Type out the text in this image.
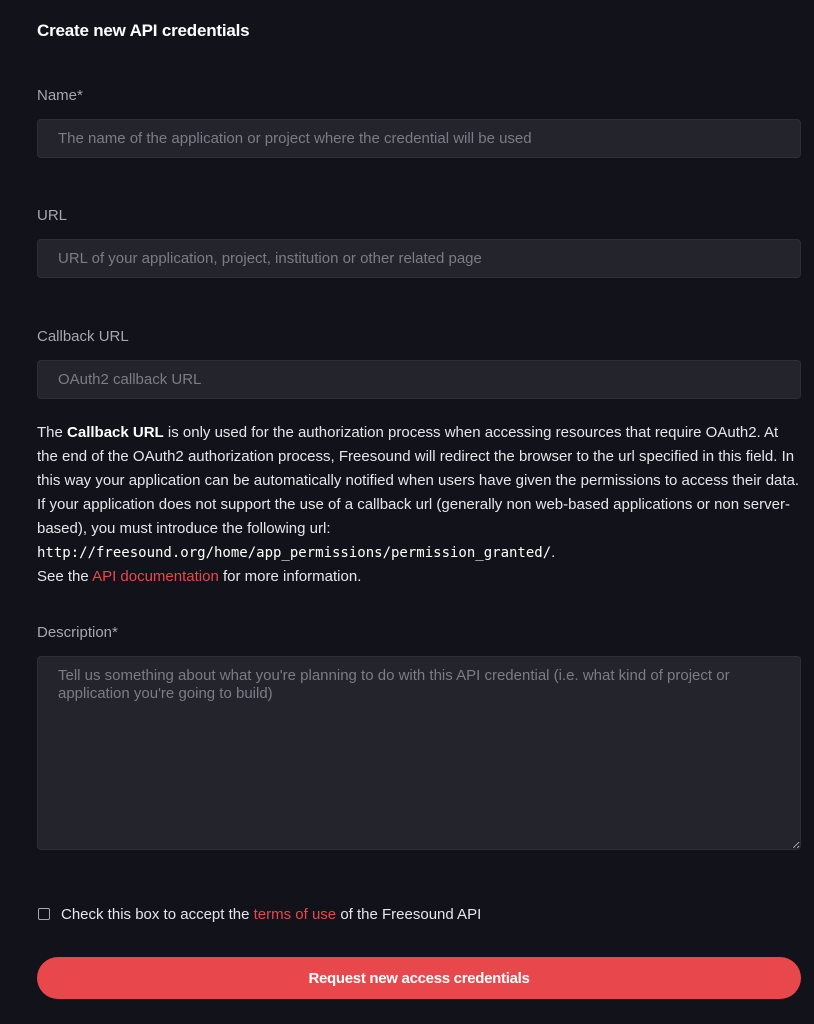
Create new API credentials
Name*
The name of the application or project where the credential will be used
URL
URL of your application, project, institution or other related page
Callback URL
OAuth2 callback URL

The Callback URL is only used for the authorization process when accessing resources that require OAuth2. At the end of the OAuth2 authorization process, Freesound will redirect the browser to the url specified in this field. In this way your application can be automatically notified when users have given the permissions to access their data. If your application does not support the use of a callback url (generally non web-based applications or non server-based), you must introduce the following url: http://freesound.org/home/app_permissions/permission_granted/.
See the API documentation for more information.

Description*
Tell us something about what you're planning to do with this API credential (i.e. what kind of project or application you're going to build)
Check this box to accept the
terms of use
of the Freesound API
Request new access credentials
